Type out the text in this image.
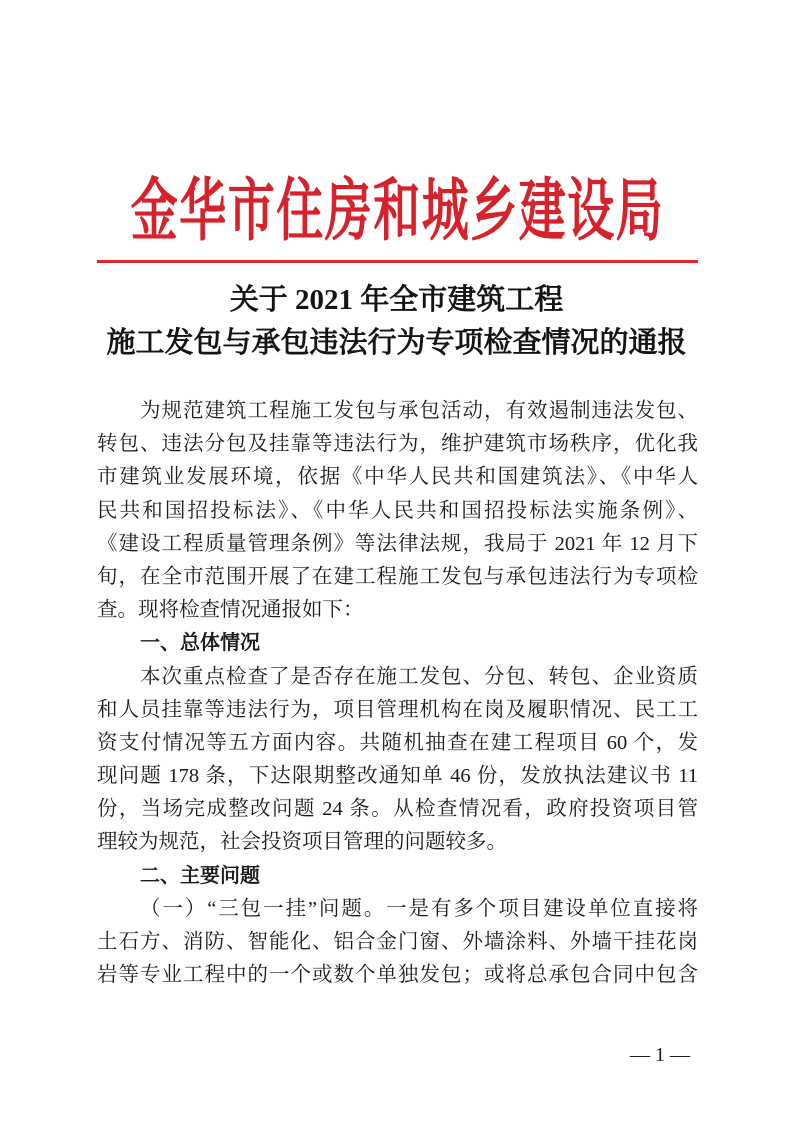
金华市住房和城乡建设局
关于 2021 年全市建筑工程
施工发包与承包违法行为专项检查情况的通报
为规范建筑工程施工发包与承包活动，有效遏制违法发包、
转包、违法分包及挂靠等违法行为，维护建筑市场秩序，优化我
市建筑业发展环境，依据《中华人民共和国建筑法》、《中华人
民共和国招投标法》、《中华人民共和国招投标法实施条例》、
《建设工程质量管理条例》等法律法规，我局于 2021 年 12 月下
旬，在全市范围开展了在建工程施工发包与承包违法行为专项检
查。现将检查情况通报如下：
一、总体情况
本次重点检查了是否存在施工发包、分包、转包、企业资质
和人员挂靠等违法行为，项目管理机构在岗及履职情况、民工工
资支付情况等五方面内容。共随机抽查在建工程项目 60 个，发
现问题 178 条，下达限期整改通知单 46 份，发放执法建议书 11
份，当场完成整改问题 24 条。从检查情况看，政府投资项目管
理较为规范，社会投资项目管理的问题较多。
二、主要问题
（一）“三包一挂”问题。一是有多个项目建设单位直接将
土石方、消防、智能化、铝合金门窗、外墙涂料、外墙干挂花岗
岩等专业工程中的一个或数个单独发包；或将总承包合同中包含
— 1 —
